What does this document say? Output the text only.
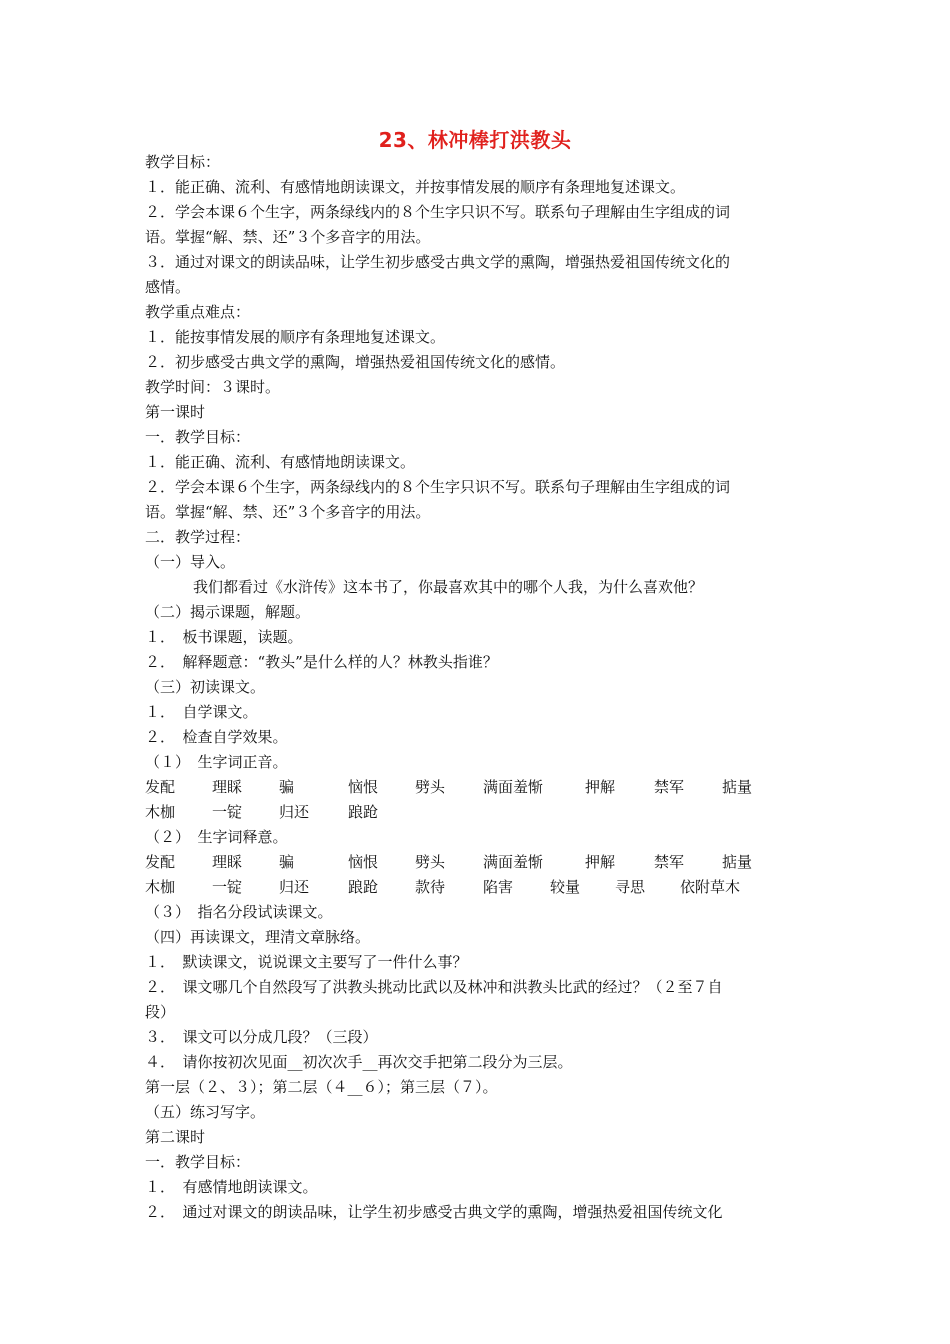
23、林冲棒打洪教头
教学目标：
１．能正确、流利、有感情地朗读课文，并按事情发展的顺序有条理地复述课文。
２．学会本课６个生字，两条绿线内的８个生字只识不写。联系句子理解由生字组成的词
语。掌握“解、禁、还”３个多音字的用法。
３．通过对课文的朗读品味，让学生初步感受古典文学的熏陶，增强热爱祖国传统文化的
感情。
教学重点难点：
１．能按事情发展的顺序有条理地复述课文。
２．初步感受古典文学的熏陶，增强热爱祖国传统文化的感情。
教学时间：３课时。
第一课时
一．教学目标：
１．能正确、流利、有感情地朗读课文。
２．学会本课６个生字，两条绿线内的８个生字只识不写。联系句子理解由生字组成的词
语。掌握“解、禁、还”３个多音字的用法。
二．教学过程：
（一）导入。
我们都看过《水浒传》这本书了，你最喜欢其中的哪个人我，为什么喜欢他？
（二）揭示课题，解题。
１．　板书课题，读题。
２．　解释题意：“教头”是什么样的人？林教头指谁？
（三）初读课文。
１．　自学课文。
２．　检查自学效果。
（１）　生字词正音。
发配 理睬 骗	恼恨 劈头	满面羞惭	押解	禁军	掂量
木枷 一锭 归还	踉跄
（２）　生字词释意。
发配 理睬 骗	恼恨 劈头	满面羞惭	押解	禁军	掂量
木枷 一锭 归还	踉跄 款待	陷害 较量 寻思 依附草木
（３）　指名分段试读课文。
（四）再读课文，理清文章脉络。
１．　默读课文，说说课文主要写了一件什么事？
２．　课文哪几个自然段写了洪教头挑动比武以及林冲和洪教头比武的经过？（２至７自
段）
３．　课文可以分成几段？（三段）
４．　请你按初次见面__初次次手__再次交手把第二段分为三层。
第一层（２、３）；第二层（４__６）；第三层（７）。
（五）练习写字。
第二课时
一．教学目标：
１．　有感情地朗读课文。
２．　通过对课文的朗读品味，让学生初步感受古典文学的熏陶，增强热爱祖国传统文化
